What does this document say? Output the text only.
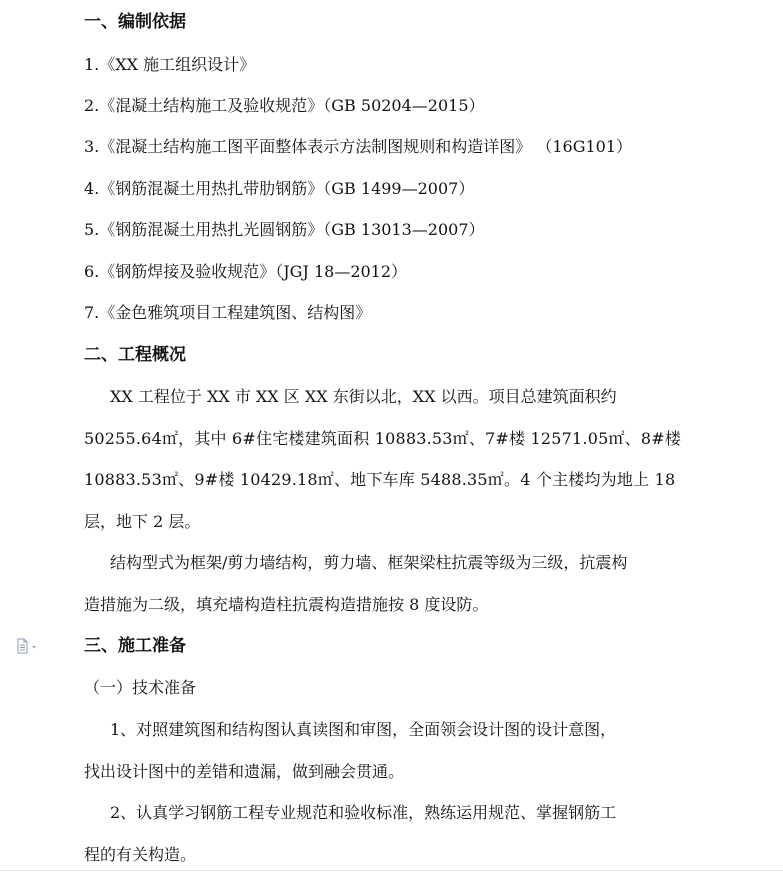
一、编制依据
1.《XX 施工组织设计》
2.《混凝土结构施工及验收规范》（GB 50204—2015）
3.《混凝土结构施工图平面整体表示方法制图规则和构造详图》 （16G101）
4.《钢筋混凝土用热扎带肋钢筋》（GB 1499—2007）
5.《钢筋混凝土用热扎光圆钢筋》（GB 13013—2007）
6.《钢筋焊接及验收规范》（JGJ 18—2012）
7.《金色雅筑项目工程建筑图、结构图》
二、工程概况
XX 工程位于 XX 市 XX 区 XX 东街以北，XX 以西。项目总建筑面积约
50255.64㎡，其中 6#住宅楼建筑面积 10883.53㎡、7#楼 12571.05㎡、8#楼
10883.53㎡、9#楼 10429.18㎡、地下车库 5488.35㎡。4 个主楼均为地上 18
层，地下 2 层。
结构型式为框架/剪力墙结构，剪力墙、框架梁柱抗震等级为三级，抗震构
造措施为二级，填充墙构造柱抗震构造措施按 8 度设防。
三、施工准备
（一）技术准备
1、对照建筑图和结构图认真读图和审图，全面领会设计图的设计意图，
找出设计图中的差错和遗漏，做到融会贯通。
2、认真学习钢筋工程专业规范和验收标准，熟练运用规范、掌握钢筋工
程的有关构造。
